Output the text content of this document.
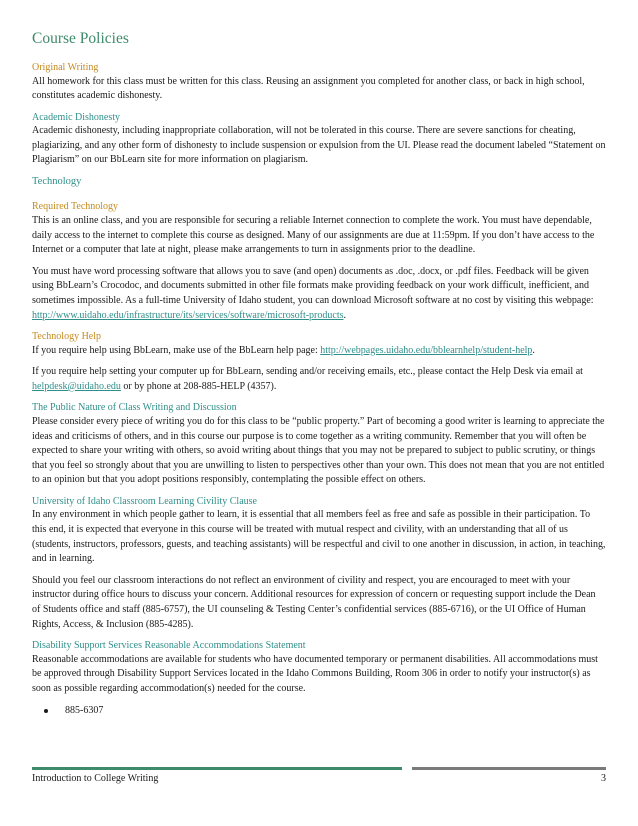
Course Policies
Original Writing

All homework for this class must be written for this class. Reusing an assignment you completed for another class, or back in high school, constitutes academic dishonesty.

Academic Dishonesty

Academic dishonesty, including inappropriate collaboration, will not be tolerated in this course. There are severe sanctions for cheating, plagiarizing, and any other form of dishonesty to include suspension or expulsion from the UI. Please read the document labeled “Statement on Plagiarism” on our BbLearn site for more information on plagiarism.

Technology
Required Technology

This is an online class, and you are responsible for securing a reliable Internet connection to complete the work. You must have dependable, daily access to the internet to complete this course as designed. Many of our assignments are due at 11:59pm. If you don’t have access to the Internet or a computer that late at night, please make arrangements to turn in assignments prior to the deadline.

You must have word processing software that allows you to save (and open) documents as .doc, .docx, or .pdf files. Feedback will be given using BbLearn’s Crocodoc, and documents submitted in other file formats make providing feedback on your work difficult, inefficient, and sometimes impossible. As a full-time University of Idaho student, you can download Microsoft software at no cost by visiting this webpage: http://www.uidaho.edu/infrastructure/its/services/software/microsoft-products.

Technology Help

If you require help using BbLearn, make use of the BbLearn help page: http://webpages.uidaho.edu/bblearnhelp/student-help.

If you require help setting your computer up for BbLearn, sending and/or receiving emails, etc., please contact the Help Desk via email at helpdesk@uidaho.edu or by phone at 208-885-HELP (4357).

The Public Nature of Class Writing and Discussion

Please consider every piece of writing you do for this class to be “public property.” Part of becoming a good writer is learning to appreciate the ideas and criticisms of others, and in this course our purpose is to come together as a writing community. Remember that you will often be expected to share your writing with others, so avoid writing about things that you may not be prepared to subject to public scrutiny, or things that you feel so strongly about that you are unwilling to listen to perspectives other than your own. This does not mean that you are not entitled to an opinion but that you adopt positions responsibly, contemplating the possible effect on others.

University of Idaho Classroom Learning Civility Clause

In any environment in which people gather to learn, it is essential that all members feel as free and safe as possible in their participation. To this end, it is expected that everyone in this course will be treated with mutual respect and civility, with an understanding that all of us (students, instructors, professors, guests, and teaching assistants) will be respectful and civil to one another in discussion, in action, in teaching, and in learning.

Should you feel our classroom interactions do not reflect an environment of civility and respect, you are encouraged to meet with your instructor during office hours to discuss your concern. Additional resources for expression of concern or requesting support include the Dean of Students office and staff (885-6757), the UI counseling & Testing Center’s confidential services (885-6716), or the UI Office of Human Rights, Access, & Inclusion (885-4285).

Disability Support Services Reasonable Accommodations Statement

Reasonable accommodations are available for students who have documented temporary or permanent disabilities. All accommodations must be approved through Disability Support Services located in the Idaho Commons Building, Room 306 in order to notify your instructor(s) as soon as possible regarding accommodation(s) needed for the course.

885-6307
Introduction to College Writing	3
